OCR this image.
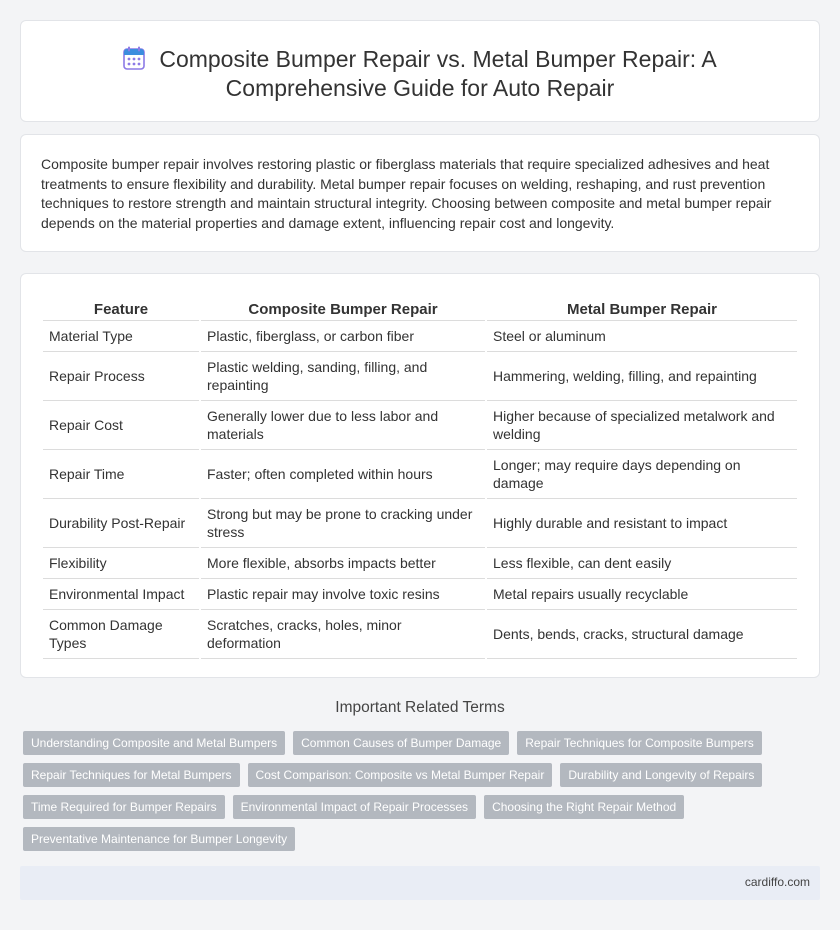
Composite Bumper Repair vs. Metal Bumper Repair: A
Comprehensive Guide for Auto Repair

Composite bumper repair involves restoring plastic or fiberglass materials that require specialized adhesives and heat treatments to ensure flexibility and durability. Metal bumper repair focuses on welding, reshaping, and rust prevention techniques to restore strength and maintain structural integrity. Choosing between composite and metal bumper repair depends on the material properties and damage extent, influencing repair cost and longevity.

Feature	Composite Bumper Repair	Metal Bumper Repair
Material Type	Plastic, fiberglass, or carbon fiber	Steel or aluminum
Repair Process	Plastic welding, sanding, filling, and repainting	Hammering, welding, filling, and repainting
Repair Cost	Generally lower due to less labor and materials	Higher because of specialized metalwork and welding
Repair Time	Faster; often completed within hours	Longer; may require days depending on damage
Durability Post-Repair	Strong but may be prone to cracking under stress	Highly durable and resistant to impact
Flexibility	More flexible, absorbs impacts better	Less flexible, can dent easily
Environmental Impact	Plastic repair may involve toxic resins	Metal repairs usually recyclable
Common Damage Types	Scratches, cracks, holes, minor deformation	Dents, bends, cracks, structural damage
Important Related Terms
Understanding Composite and Metal Bumpers	Common Causes of Bumper Damage	Repair Techniques for Composite Bumpers
Repair Techniques for Metal Bumpers	Cost Comparison: Composite vs Metal Bumper Repair	Durability and Longevity of Repairs
Time Required for Bumper Repairs	Environmental Impact of Repair Processes	Choosing the Right Repair Method
Preventative Maintenance for Bumper Longevity
cardiffo.com
